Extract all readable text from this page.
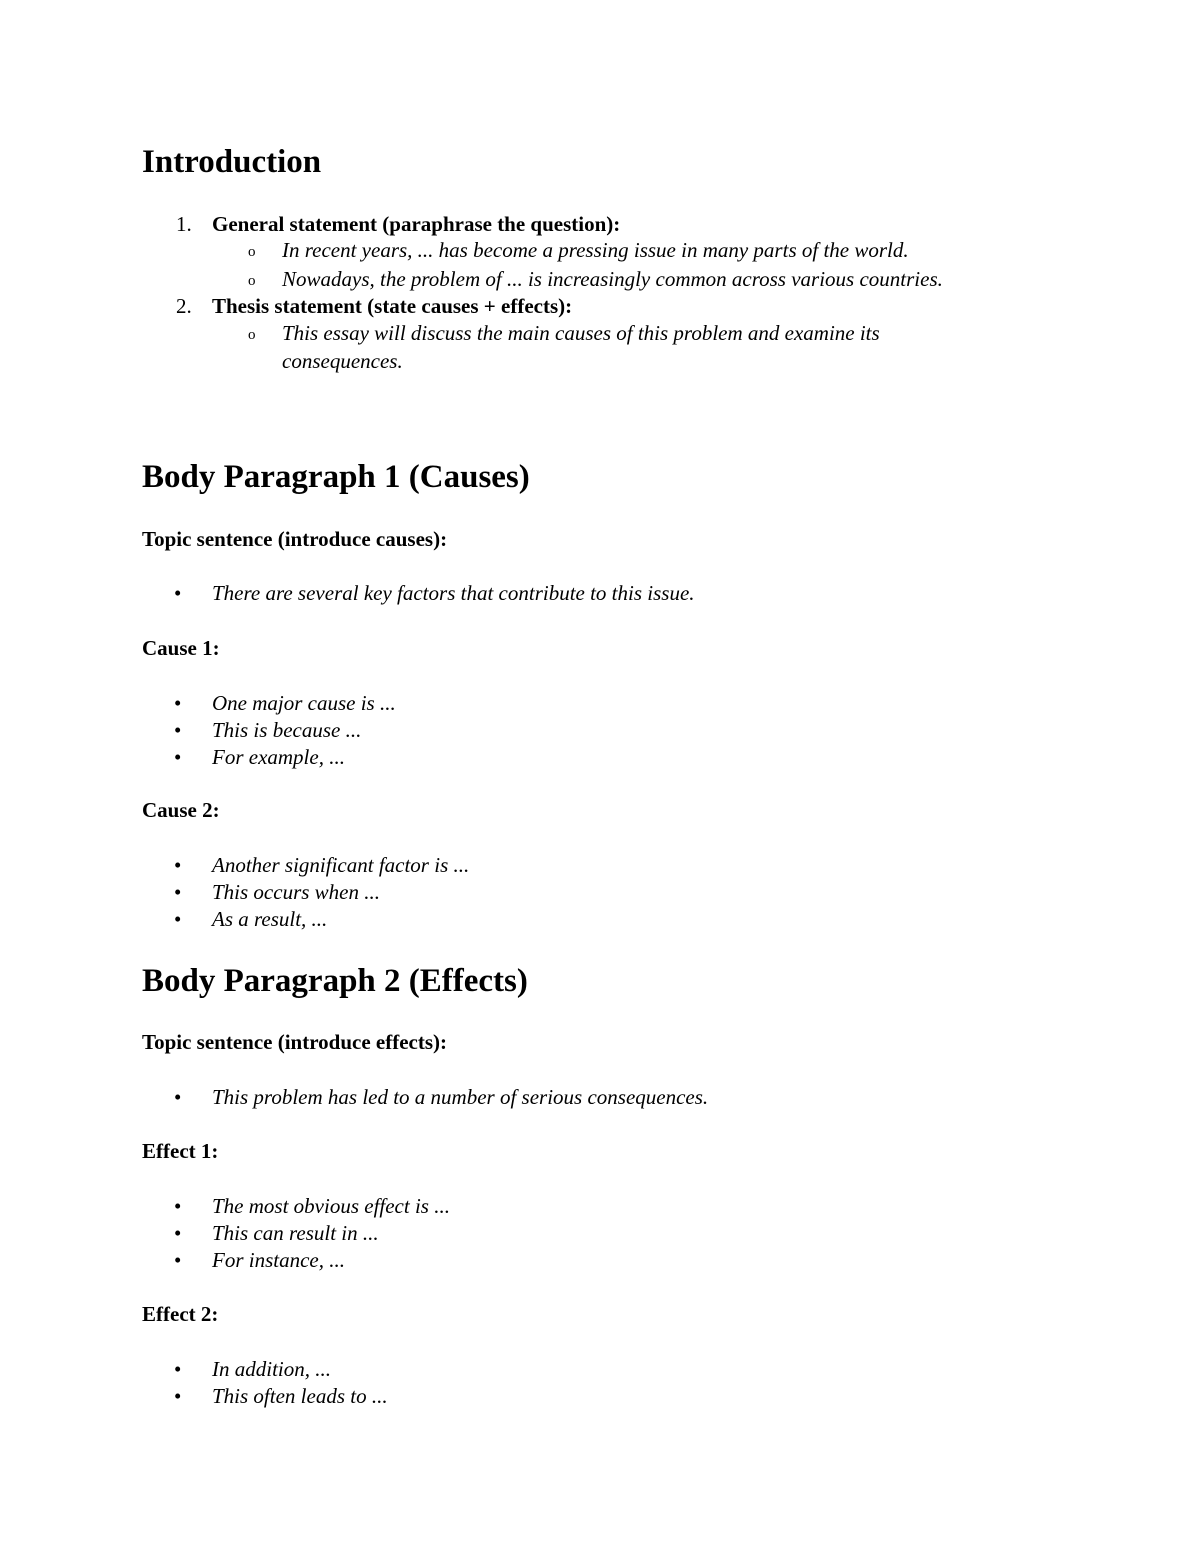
Introduction
1. General statement (paraphrase the question):
o In recent years, ... has become a pressing issue in many parts of the world.
o Nowadays, the problem of ... is increasingly common across various countries.
2. Thesis statement (state causes + effects):
o This essay will discuss the main causes of this problem and examine its
consequences.
Body Paragraph 1 (Causes)
Topic sentence (introduce causes):
• There are several key factors that contribute to this issue.
Cause 1:
• One major cause is ...
• This is because ...
• For example, ...
Cause 2:
• Another significant factor is ...
• This occurs when ...
• As a result, ...
Body Paragraph 2 (Effects)
Topic sentence (introduce effects):
• This problem has led to a number of serious consequences.
Effect 1:
• The most obvious effect is ...
• This can result in ...
• For instance, ...
Effect 2:
• In addition, ...
• This often leads to ...
